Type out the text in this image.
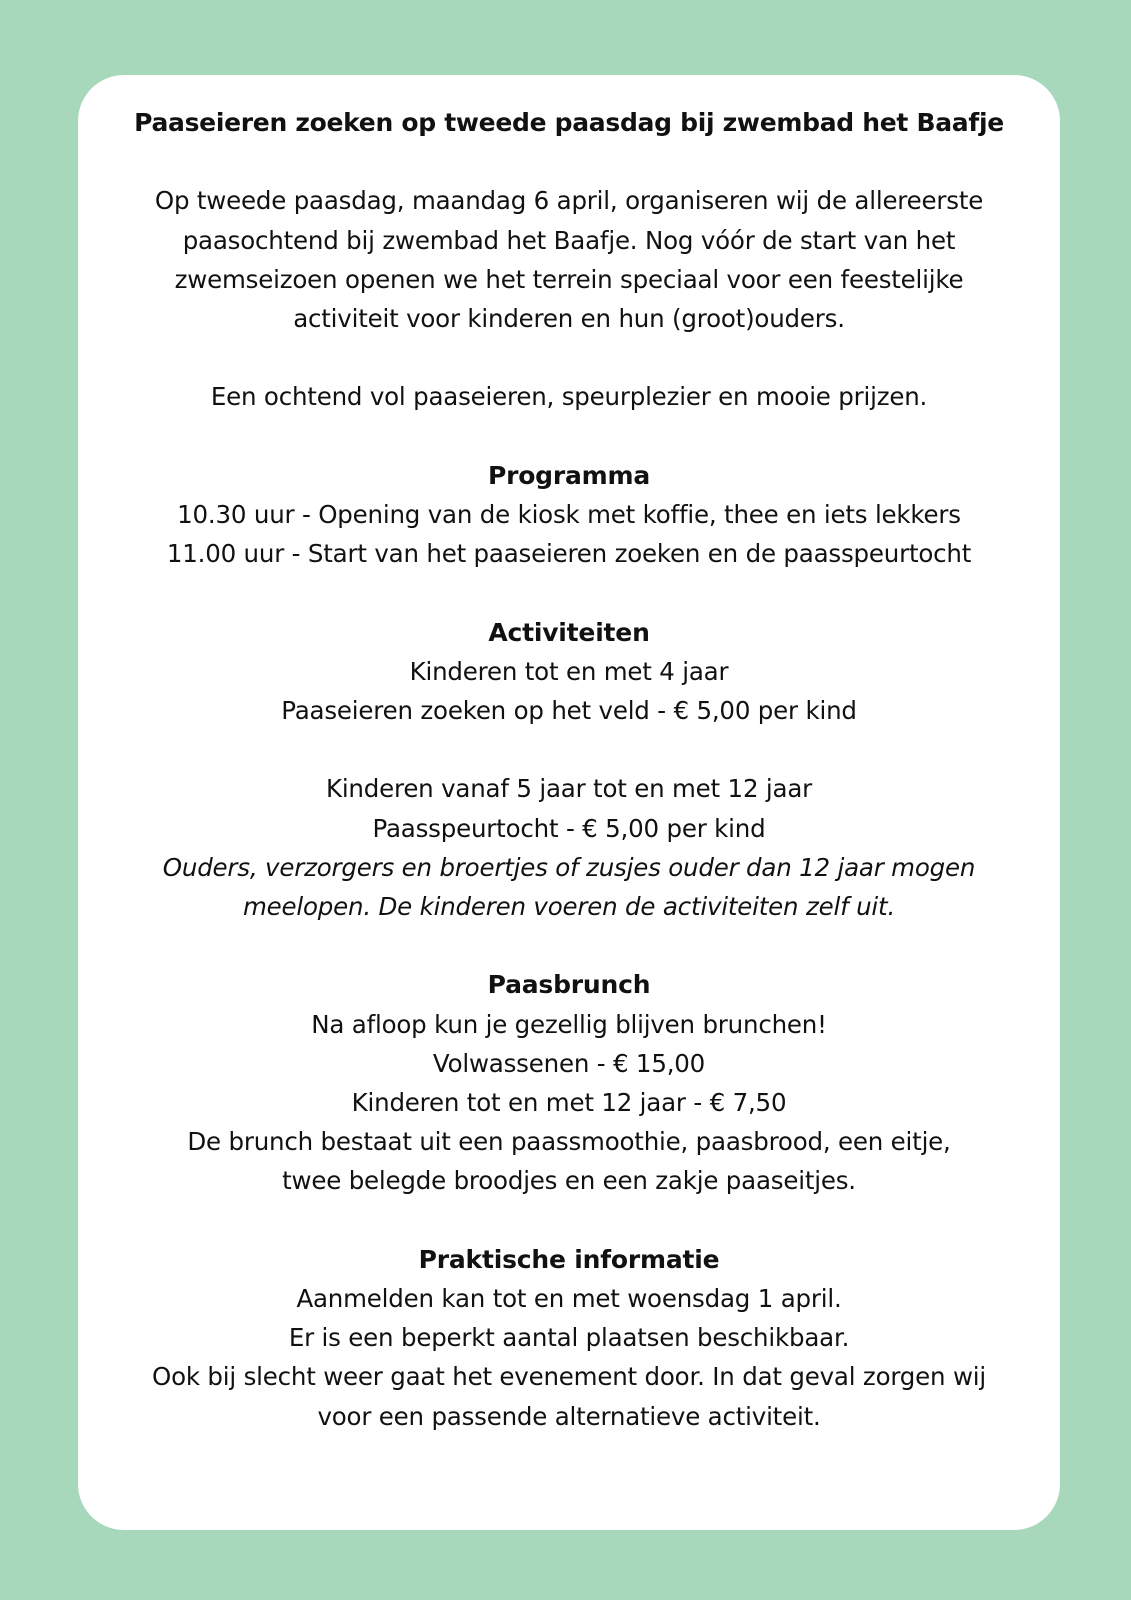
Paaseieren zoeken op tweede paasdag bij zwembad het Baafje
Op tweede paasdag, maandag 6 april, organiseren wij de allereerste
paasochtend bij zwembad het Baafje. Nog vóór de start van het
zwemseizoen openen we het terrein speciaal voor een feestelijke
activiteit voor kinderen en hun (groot)ouders.
Een ochtend vol paaseieren, speurplezier en mooie prijzen.
Programma
10.30 uur - Opening van de kiosk met koffie, thee en iets lekkers
11.00 uur - Start van het paaseieren zoeken en de paasspeurtocht
Activiteiten
Kinderen tot en met 4 jaar
Paaseieren zoeken op het veld - € 5,00 per kind
Kinderen vanaf 5 jaar tot en met 12 jaar
Paasspeurtocht - € 5,00 per kind
Ouders, verzorgers en broertjes of zusjes ouder dan 12 jaar mogen
meelopen. De kinderen voeren de activiteiten zelf uit.
Paasbrunch
Na afloop kun je gezellig blijven brunchen!
Volwassenen - € 15,00
Kinderen tot en met 12 jaar - € 7,50
De brunch bestaat uit een paassmoothie, paasbrood, een eitje,
twee belegde broodjes en een zakje paaseitjes.
Praktische informatie
Aanmelden kan tot en met woensdag 1 april.
Er is een beperkt aantal plaatsen beschikbaar.
Ook bij slecht weer gaat het evenement door. In dat geval zorgen wij
voor een passende alternatieve activiteit.
